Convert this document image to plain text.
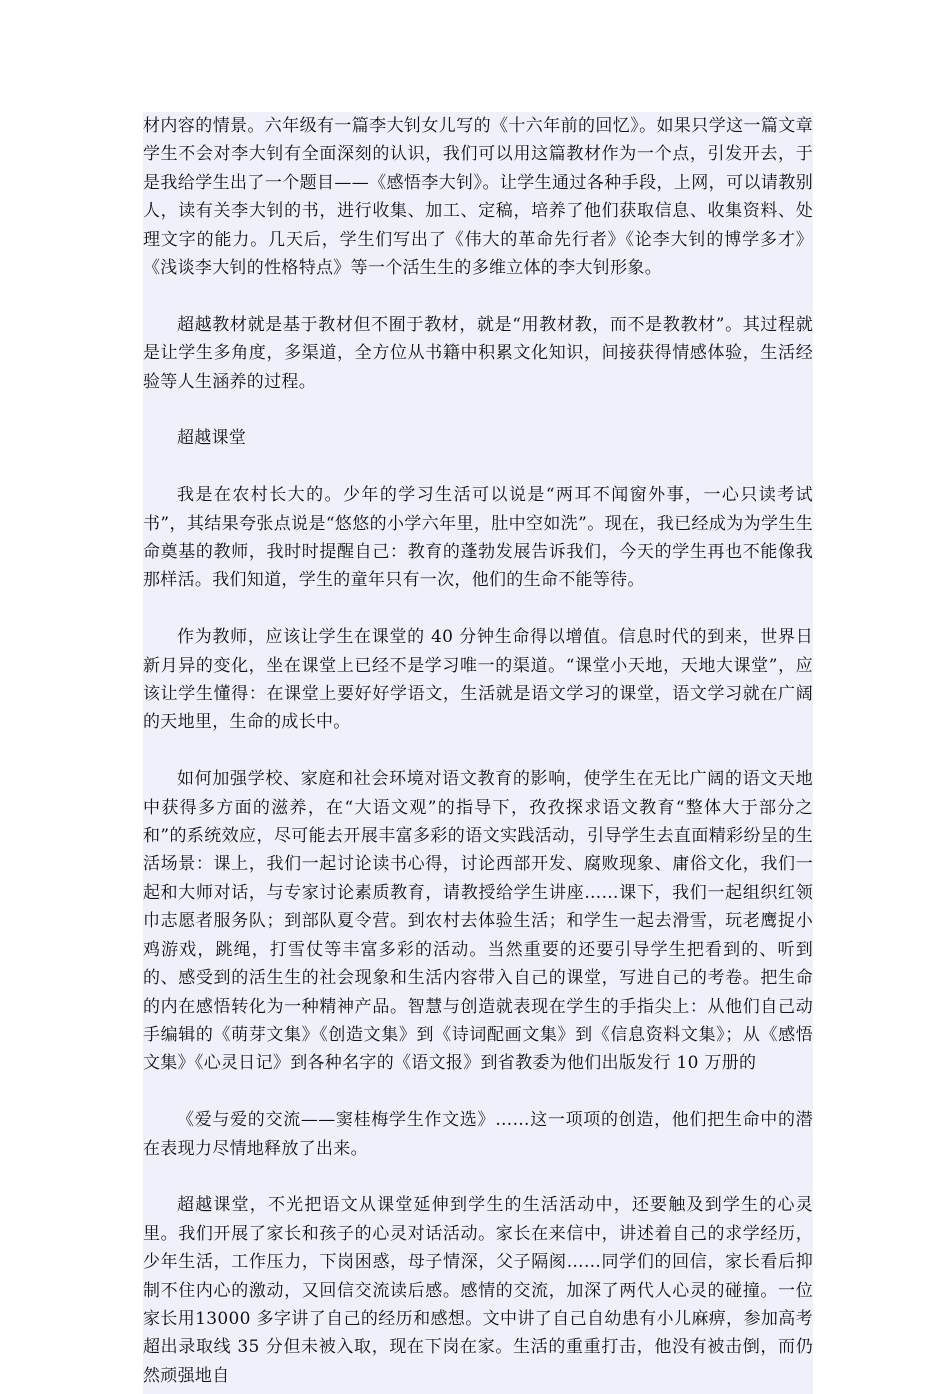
材内容的情景。六年级有一篇李大钊女儿写的《十六年前的回忆》。如果只学这一篇文章学生不会对李大钊有全面深刻的认识，我们可以用这篇教材作为一个点，引发开去，于是我给学生出了一个题目——《感悟李大钊》。让学生通过各种手段，上网，可以请教别人，读有关李大钊的书，进行收集、加工、定稿，培养了他们获取信息、收集资料、处理文字的能力。几天后，学生们写出了《伟大的革命先行者》《论李大钊的博学多才》《浅谈李大钊的性格特点》等一个活生生的多维立体的李大钊形象。

超越教材就是基于教材但不囿于教材，就是“用教材教，而不是教教材”。其过程就是让学生多角度，多渠道，全方位从书籍中积累文化知识，间接获得情感体验，生活经验等人生涵养的过程。

超越课堂

我是在农村长大的。少年的学习生活可以说是“两耳不闻窗外事，一心只读考试书”，其结果夸张点说是“悠悠的小学六年里，肚中空如洗”。现在，我已经成为为学生生命奠基的教师，我时时提醒自己：教育的蓬勃发展告诉我们，今天的学生再也不能像我那样活。我们知道，学生的童年只有一次，他们的生命不能等待。

作为教师，应该让学生在课堂的 40 分钟生命得以增值。信息时代的到来，世界日新月异的变化，坐在课堂上已经不是学习唯一的渠道。“课堂小天地，天地大课堂”，应该让学生懂得：在课堂上要好好学语文，生活就是语文学习的课堂，语文学习就在广阔的天地里，生命的成长中。

如何加强学校、家庭和社会环境对语文教育的影响，使学生在无比广阔的语文天地中获得多方面的滋养，在“大语文观”的指导下，孜孜探求语文教育“整体大于部分之和”的系统效应，尽可能去开展丰富多彩的语文实践活动，引导学生去直面精彩纷呈的生活场景：课上，我们一起讨论读书心得，讨论西部开发、腐败现象、庸俗文化，我们一起和大师对话，与专家讨论素质教育，请教授给学生讲座……课下，我们一起组织红领巾志愿者服务队；到部队夏令营。到农村去体验生活；和学生一起去滑雪，玩老鹰捉小鸡游戏，跳绳，打雪仗等丰富多彩的活动。当然重要的还要引导学生把看到的、听到的、感受到的活生生的社会现象和生活内容带入自己的课堂，写进自己的考卷。把生命的内在感悟转化为一种精神产品。智慧与创造就表现在学生的手指尖上：从他们自己动手编辑的《萌芽文集》《创造文集》到《诗词配画文集》到《信息资料文集》；从《感悟文集》《心灵日记》到各种名字的《语文报》到省教委为他们出版发行 10 万册的

《爱与爱的交流——窦桂梅学生作文选》……这一项项的创造，他们把生命中的潜在表现力尽情地释放了出来。

超越课堂，不光把语文从课堂延伸到学生的生活活动中，还要触及到学生的心灵里。我们开展了家长和孩子的心灵对话活动。家长在来信中，讲述着自己的求学经历，少年生活，工作压力，下岗困惑，母子情深，父子隔阂……同学们的回信，家长看后抑制不住内心的激动，又回信交流读后感。感情的交流，加深了两代人心灵的碰撞。一位家长用13000 多字讲了自己的经历和感想。文中讲了自己自幼患有小儿麻痹，参加高考超出录取线 35 分但未被入取，现在下岗在家。生活的重重打击，他没有被击倒，而仍然顽强地自
